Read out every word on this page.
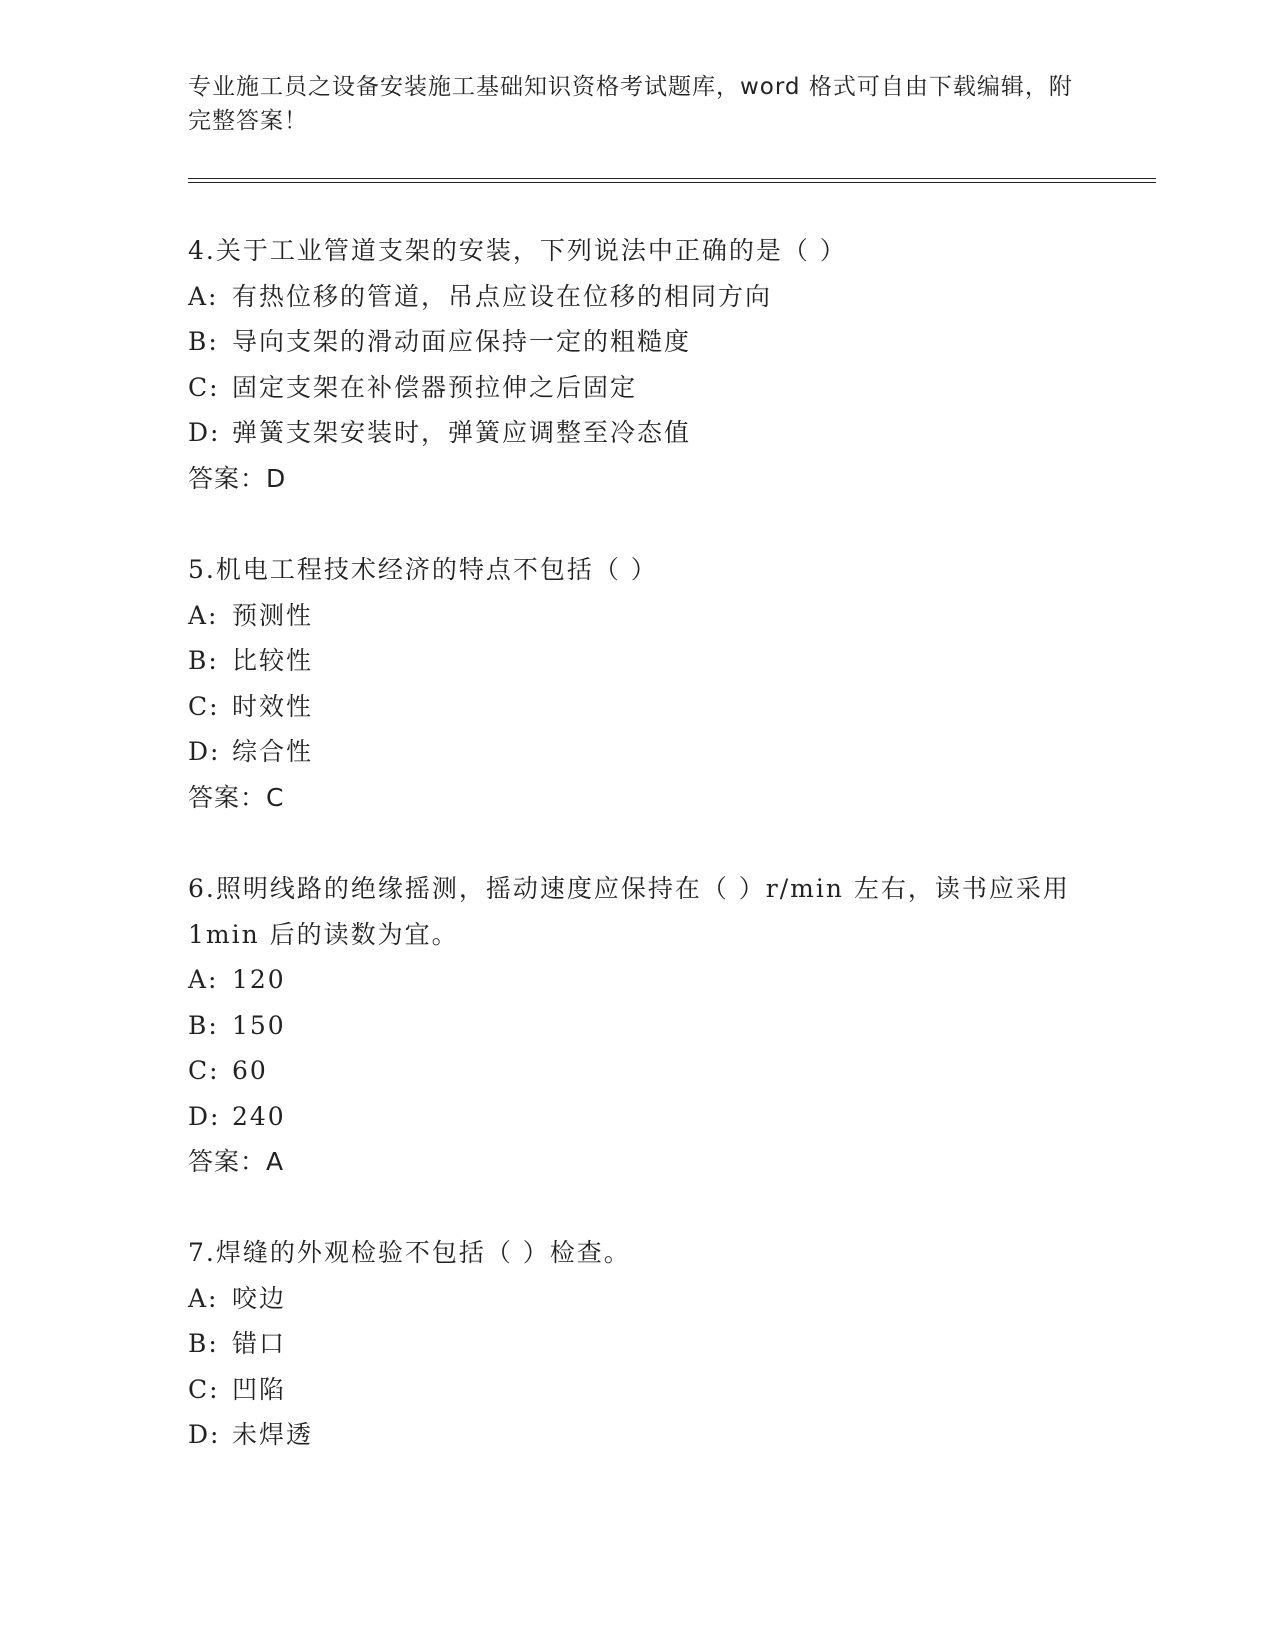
专业施工员之设备安装施工基础知识资格考试题库，word 格式可自由下载编辑，附完整答案！
4.关于工业管道支架的安装，下列说法中正确的是（ ）
A: 有热位移的管道，吊点应设在位移的相同方向
B: 导向支架的滑动面应保持一定的粗糙度
C: 固定支架在补偿器预拉伸之后固定
D: 弹簧支架安装时，弹簧应调整至冷态值
答案：D
5.机电工程技术经济的特点不包括（ ）
A: 预测性
B: 比较性
C: 时效性
D: 综合性
答案：C
6.照明线路的绝缘摇测，摇动速度应保持在（ ）r/min 左右，读书应采用 1min 后的读数为宜。
A: 120
B: 150
C: 60
D: 240
答案：A
7.焊缝的外观检验不包括（ ）检查。
A: 咬边
B: 错口
C: 凹陷
D: 未焊透
